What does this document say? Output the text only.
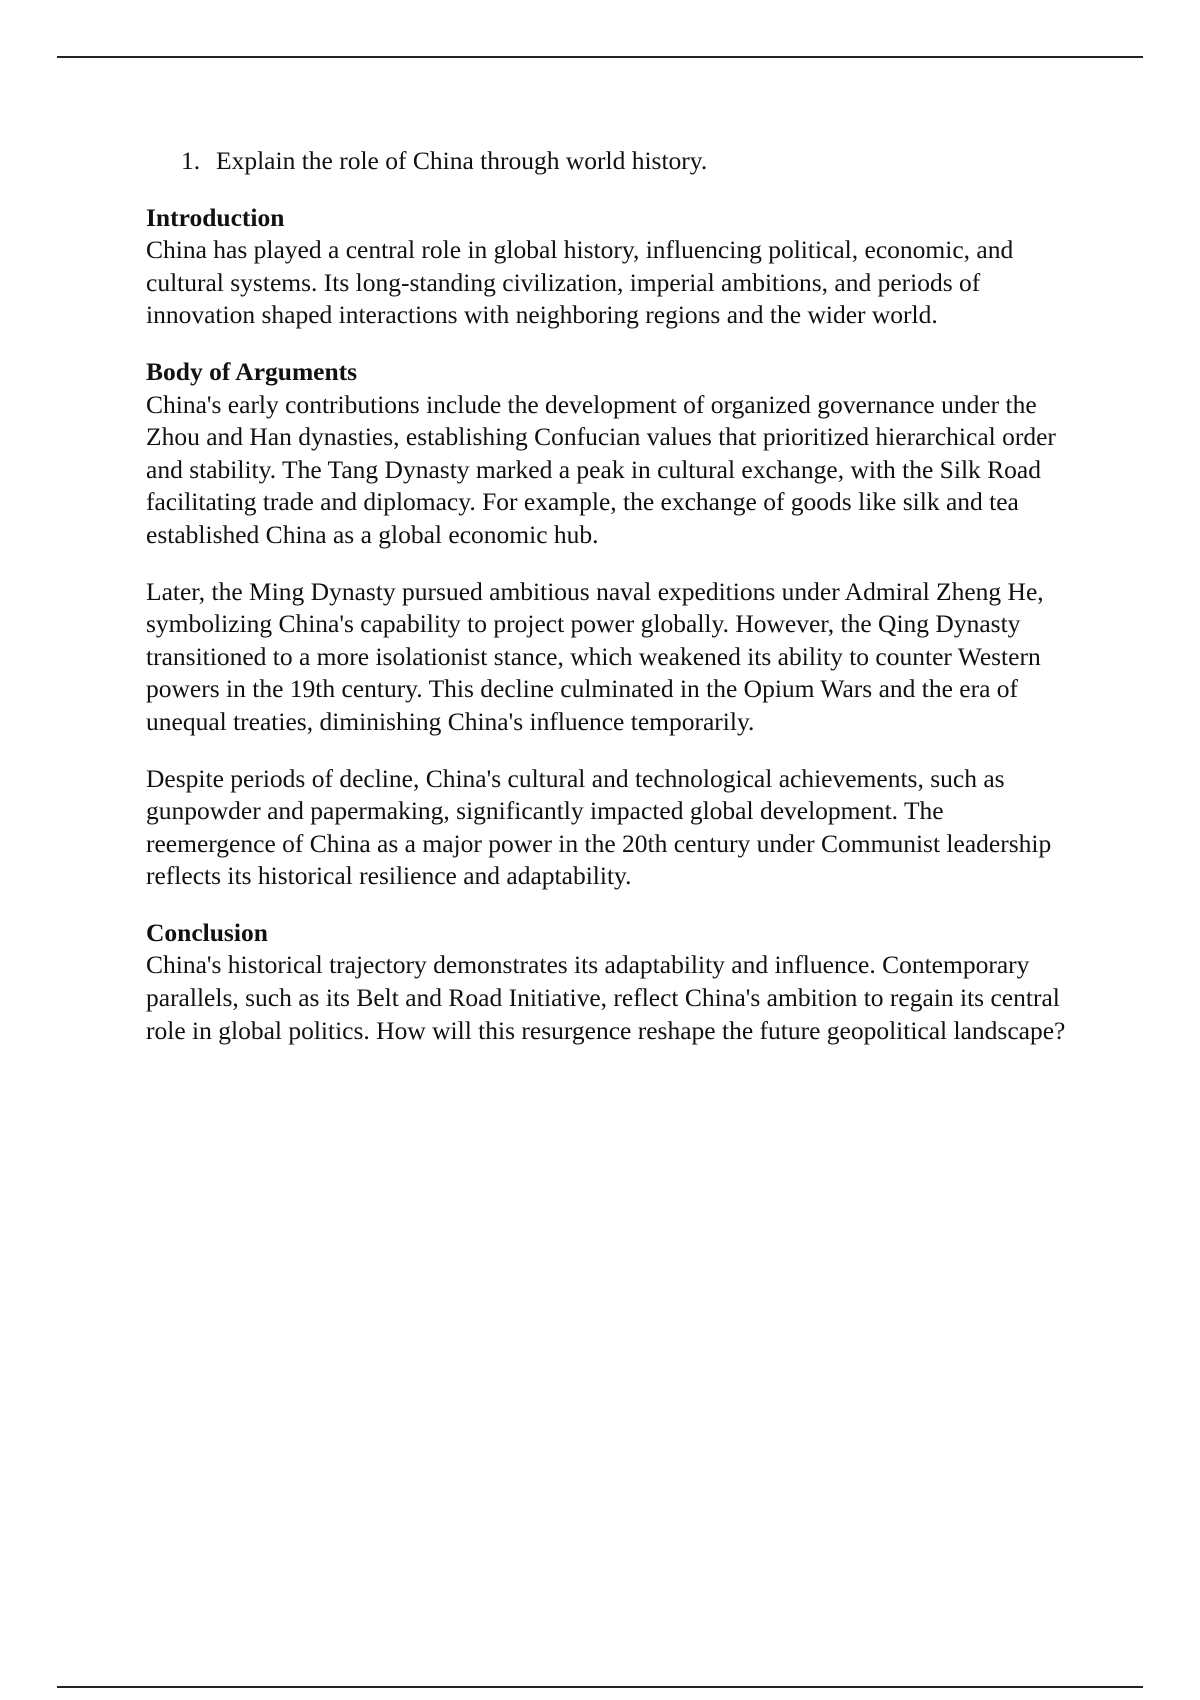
1. Explain the role of China through world history.

Introduction

China has played a central role in global history, influencing political, economic, and cultural systems. Its long-standing civilization, imperial ambitions, and periods of innovation shaped interactions with neighboring regions and the wider world.

Body of Arguments

China's early contributions include the development of organized governance under the Zhou and Han dynasties, establishing Confucian values that prioritized hierarchical order and stability. The Tang Dynasty marked a peak in cultural exchange, with the Silk Road facilitating trade and diplomacy. For example, the exchange of goods like silk and tea established China as a global economic hub.

Later, the Ming Dynasty pursued ambitious naval expeditions under Admiral Zheng He, symbolizing China's capability to project power globally. However, the Qing Dynasty transitioned to a more isolationist stance, which weakened its ability to counter Western powers in the 19th century. This decline culminated in the Opium Wars and the era of unequal treaties, diminishing China's influence temporarily.

Despite periods of decline, China's cultural and technological achievements, such as gunpowder and papermaking, significantly impacted global development. The reemergence of China as a major power in the 20th century under Communist leadership reflects its historical resilience and adaptability.

Conclusion

China's historical trajectory demonstrates its adaptability and influence. Contemporary parallels, such as its Belt and Road Initiative, reflect China's ambition to regain its central role in global politics. How will this resurgence reshape the future geopolitical landscape?
